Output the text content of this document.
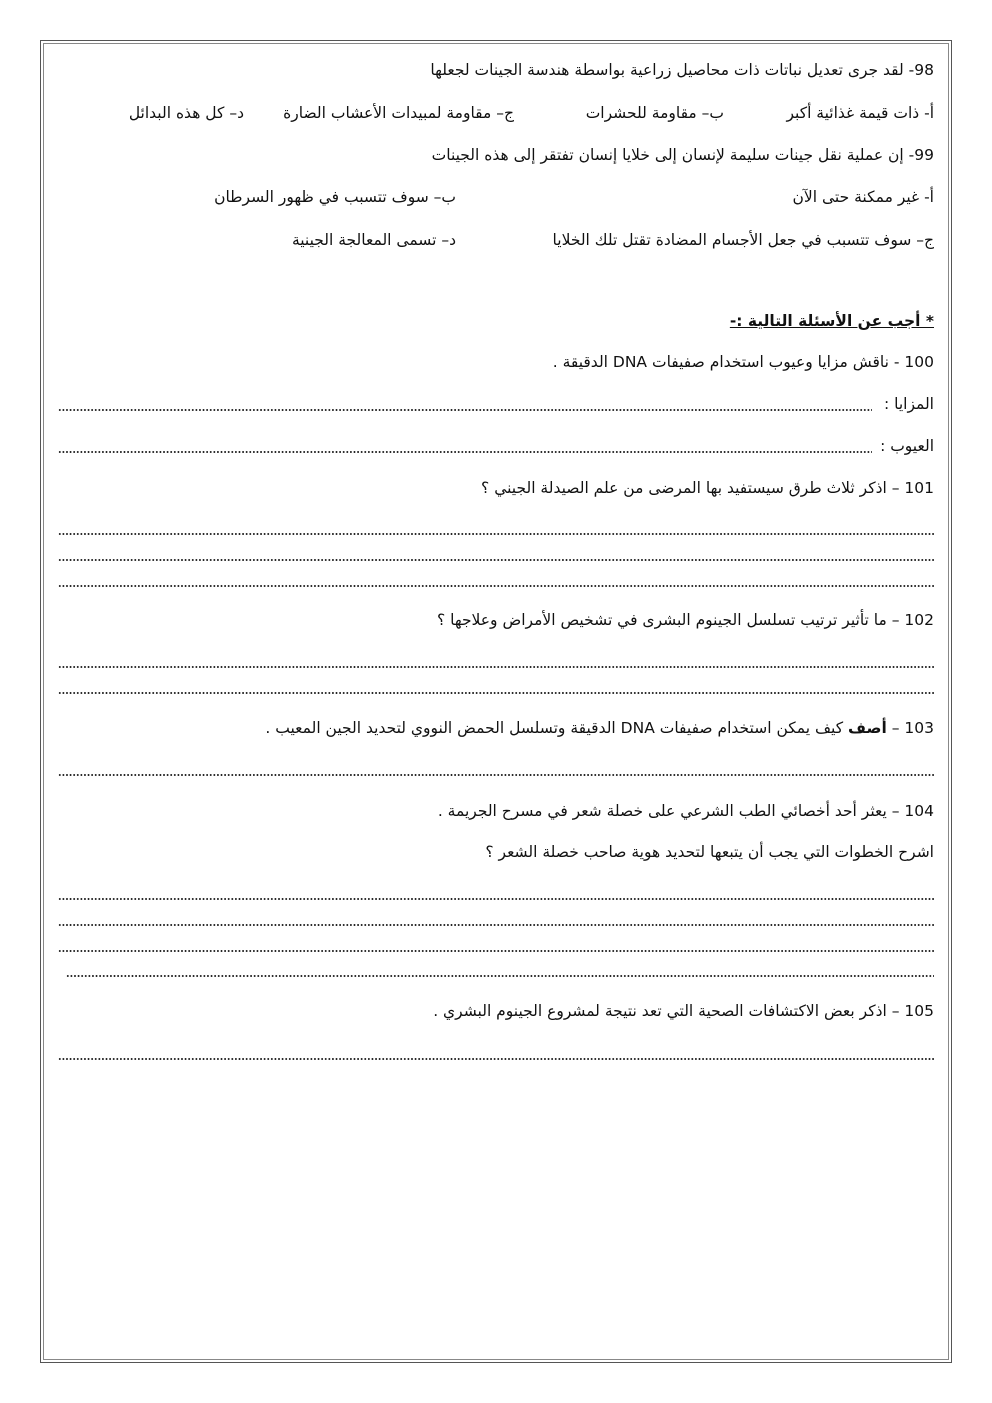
98- لقد جرى تعديل نباتات ذات محاصيل زراعية بواسطة هندسة الجينات لجعلها
أ- ذات قيمة غذائية أكبر
ب– مقاومة للحشرات
ج– مقاومة لمبيدات الأعشاب الضارة
د– كل هذه البدائل
99- إن عملية نقل جينات سليمة لإنسان إلى خلايا إنسان تفتقر إلى هذه الجينات
أ- غير ممكنة حتى الآن
ب– سوف تتسبب في ظهور السرطان
ج– سوف تتسبب في جعل الأجسام المضادة تقتل تلك الخلايا
د– تسمى المعالجة الجينية
* أجب عن الأسئلة التالية :-
100 - ناقش مزايا وعيوب استخدام صفيفات DNA الدقيقة .
المزايا :
العيوب :
101 – اذكر ثلاث طرق سيستفيد بها المرضى من علم الصيدلة الجيني ؟
102 – ما تأثير ترتيب تسلسل الجينوم البشرى في تشخيص الأمراض وعلاجها ؟
103 – أصف كيف يمكن استخدام صفيفات DNA الدقيقة وتسلسل الحمض النووي لتحديد الجين المعيب .
104 – يعثر أحد أخصائي الطب الشرعي على خصلة شعر في مسرح الجريمة .
اشرح الخطوات التي يجب أن يتبعها لتحديد هوية صاحب خصلة الشعر ؟
105 – اذكر بعض الاكتشافات الصحية التي تعد نتيجة لمشروع الجينوم البشري .
